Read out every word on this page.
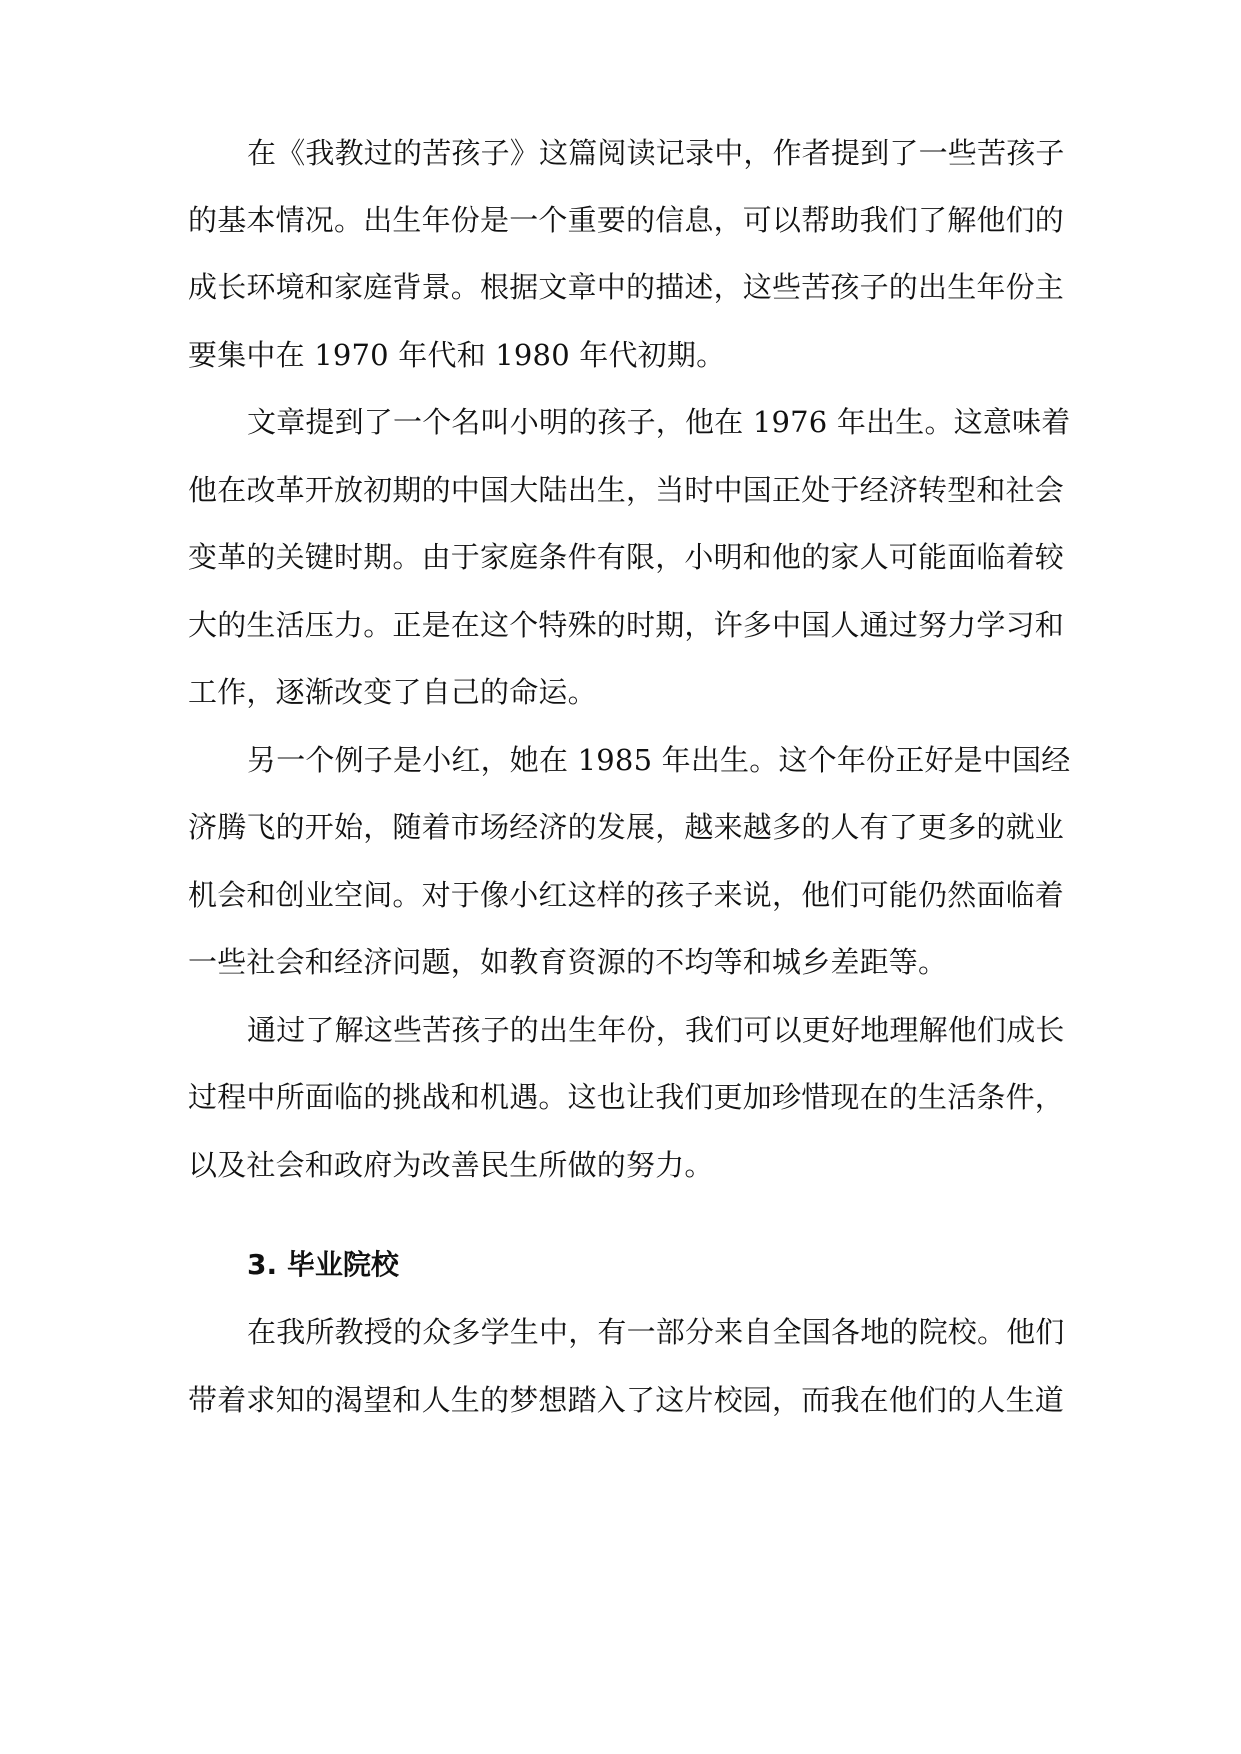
在《我教过的苦孩子》这篇阅读记录中，作者提到了一些苦孩子
的基本情况。出生年份是一个重要的信息，可以帮助我们了解他们的
成长环境和家庭背景。根据文章中的描述，这些苦孩子的出生年份主
要集中在 1970 年代和 1980 年代初期。
文章提到了一个名叫小明的孩子，他在 1976 年出生。这意味着
他在改革开放初期的中国大陆出生，当时中国正处于经济转型和社会
变革的关键时期。由于家庭条件有限，小明和他的家人可能面临着较
大的生活压力。正是在这个特殊的时期，许多中国人通过努力学习和
工作，逐渐改变了自己的命运。
另一个例子是小红，她在 1985 年出生。这个年份正好是中国经
济腾飞的开始，随着市场经济的发展，越来越多的人有了更多的就业
机会和创业空间。对于像小红这样的孩子来说，他们可能仍然面临着
一些社会和经济问题，如教育资源的不均等和城乡差距等。
通过了解这些苦孩子的出生年份，我们可以更好地理解他们成长
过程中所面临的挑战和机遇。这也让我们更加珍惜现在的生活条件，
以及社会和政府为改善民生所做的努力。
3. 毕业院校
在我所教授的众多学生中，有一部分来自全国各地的院校。他们
带着求知的渴望和人生的梦想踏入了这片校园，而我在他们的人生道
